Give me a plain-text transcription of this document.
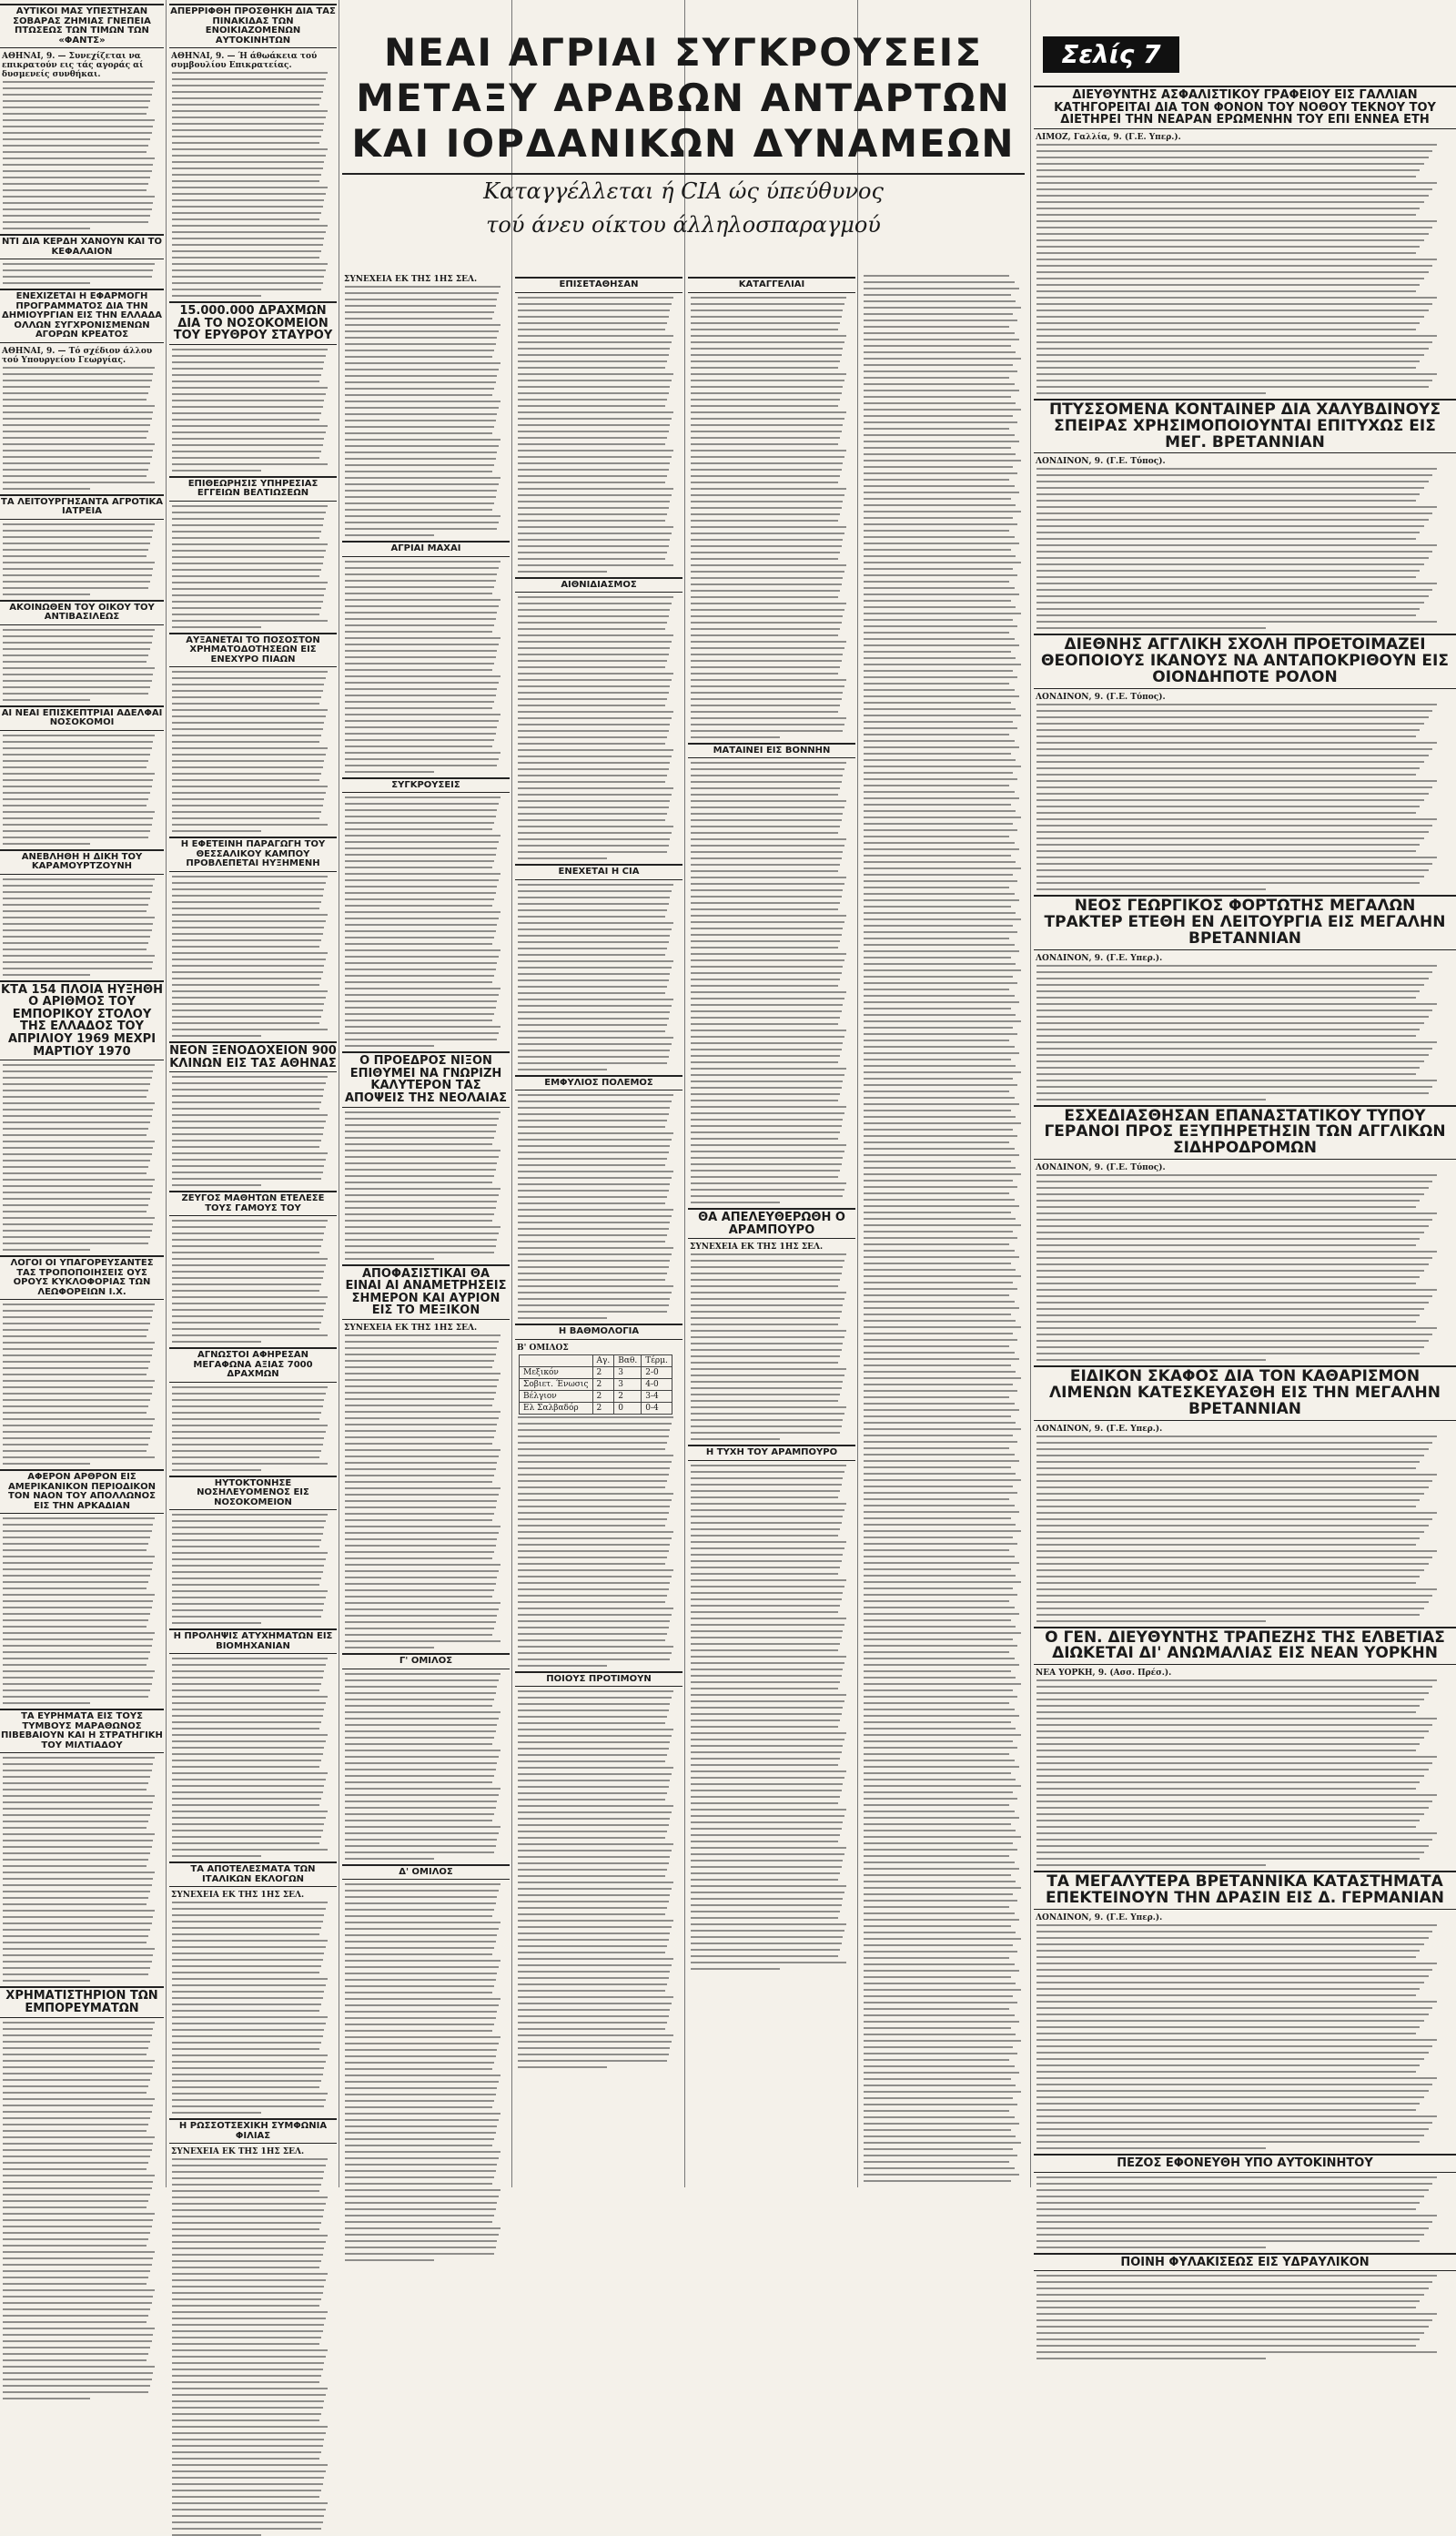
ΑΥΤΙΚΟΙ ΜΑΣ ΥΠΕΣΤΗΣΑΝ ΣΟΒΑΡΑΣ ΖΗΜΙΑΣ ΓΝΕΠΕΙΑ ΠΤΩΣΕΩΣ ΤΩΝ ΤΙΜΩΝ ΤΩΝ «ΦΑΝΤΣ»
ΑΘΗΝΑΙ, 9. — Συνεχίζεται να επικρατούν εις τάς αγοράς αί δυσμενείς συνθήκαι.
ΝΤΙ ΔΙΑ ΚΕΡΔΗ ΧΑΝΟΥΝ ΚΑΙ ΤΟ ΚΕΦΑΛΑΙΟΝ
ΕΝΕΧΙΖΕΤΑΙ Η ΕΦΑΡΜΟΓΗ ΠΡΟΓΡΑΜΜΑΤΟΣ ΔΙΑ ΤΗΝ ΔΗΜΙΟΥΡΓΙΑΝ ΕΙΣ ΤΗΝ ΕΛΛΑΔΑ ΟΛΛΩΝ ΣΥΓΧΡΟΝΙΣΜΕΝΩΝ ΑΓΟΡΩΝ ΚΡΕΑΤΟΣ
ΑΘΗΝΑΙ, 9. — Τό σχέδιον άλλου τού Υπουργείου Γεωργίας.
ΤΑ ΛΕΙΤΟΥΡΓΗΣΑΝΤΑ ΑΓΡΟΤΙΚΑ ΙΑΤΡΕΙΑ
ΑΚΟΙΝΩΘΕΝ ΤΟΥ ΟΙΚΟΥ ΤΟΥ ΑΝΤΙΒΑΣΙΛΕΩΣ
ΑΙ ΝΕΑΙ ΕΠΙΣΚΕΠΤΡΙΑΙ ΑΔΕΛΦΑΙ ΝΟΣΟΚΟΜΟΙ
ΑΝΕΒΛΗΘΗ Η ΔΙΚΗ ΤΟΥ ΚΑΡΑΜΟΥΡΤΖΟΥΝΗ
ΚΤΑ 154 ΠΛΟΙΑ ΗΥΞΗΘΗ Ο ΑΡΙΘΜΟΣ ΤΟΥ ΕΜΠΟΡΙΚΟΥ ΣΤΟΛΟΥ ΤΗΣ ΕΛΛΑΔΟΣ ΤΟΥ ΑΠΡΙΛΙΟΥ 1969 ΜΕΧΡΙ ΜΑΡΤΙΟΥ 1970
ΛΟΓΟΙ ΟΙ ΥΠΑΓΟΡΕΥΣΑΝΤΕΣ ΤΑΣ ΤΡΟΠΟΠΟΙΗΣΕΙΣ ΟΥΣ ΟΡΟΥΣ ΚΥΚΛΟΦΟΡΙΑΣ ΤΩΝ ΛΕΩΦΟΡΕΙΩΝ Ι.Χ.
ΑΦΕΡΟΝ ΑΡΘΡΟΝ ΕΙΣ ΑΜΕΡΙΚΑΝΙΚΟΝ ΠΕΡΙΟΔΙΚΟΝ ΤΟΝ ΝΑΟΝ ΤΟΥ ΑΠΟΛΛΩΝΟΣ ΕΙΣ ΤΗΝ ΑΡΚΑΔΙΑΝ
ΤΑ ΕΥΡΗΜΑΤΑ ΕΙΣ ΤΟΥΣ ΤΥΜΒΟΥΣ ΜΑΡΑΘΩΝΟΣ ΠΙΒΕΒΑΙΟΥΝ ΚΑΙ Η ΣΤΡΑΤΗΓΙΚΗ ΤΟΥ ΜΙΛΤΙΑΔΟΥ
ΧΡΗΜΑΤΙΣΤΗΡΙΟΝ ΤΩΝ ΕΜΠΟΡΕΥΜΑΤΩΝ
ΑΠΕΡΡΙΦΘΗ ΠΡΟΣΘΗΚΗ ΔΙΑ ΤΑΣ ΠΙΝΑΚΙΔΑΣ ΤΩΝ ΕΝΟΙΚΙΑΖΟΜΕΝΩΝ ΑΥΤΟΚΙΝΗΤΩΝ
ΑΘΗΝΑΙ, 9. — Ή άθωάκεια τού συμβουλίου Επικρατείας.
15.000.000 ΔΡΑΧΜΩΝ ΔΙΑ ΤΟ ΝΟΣΟΚΟΜΕΙΟΝ ΤΟΥ ΕΡΥΘΡΟΥ ΣΤΑΥΡΟΥ
ΕΠΙΘΕΩΡΗΣΙΣ ΥΠΗΡΕΣΙΑΣ ΕΓΓΕΙΩΝ ΒΕΛΤΙΩΣΕΩΝ
ΑΥΞΑΝΕΤΑΙ ΤΟ ΠΟΣΟΣΤΟΝ ΧΡΗΜΑΤΟΔΟΤΗΣΕΩΝ ΕΙΣ ΕΝΕΧΥΡΟ ΠΙΑΩΝ
Η ΕΦΕΤΕΙΝΗ ΠΑΡΑΓΩΓΗ ΤΟΥ ΘΕΣΣΑΛΙΚΟΥ ΚΑΜΠΟΥ ΠΡΟΒΛΕΠΕΤΑΙ ΗΥΞΗΜΕΝΗ
ΝΕΟΝ ΞΕΝΟΔΟΧΕΙΟΝ 900 ΚΛΙΝΩΝ ΕΙΣ ΤΑΣ ΑΘΗΝΑΣ
ΖΕΥΓΟΣ ΜΑΘΗΤΩΝ ΕΤΕΛΕΣΕ ΤΟΥΣ ΓΑΜΟΥΣ ΤΟΥ
ΑΓΝΩΣΤΟΙ ΑΦΗΡΕΣΑΝ ΜΕΓΑΦΩΝΑ ΑΞΙΑΣ 7000 ΔΡΑΧΜΩΝ
ΗΥΤΟΚΤΟΝΗΣΕ ΝΟΣΗΛΕΥΟΜΕΝΟΣ ΕΙΣ ΝΟΣΟΚΟΜΕΙΟΝ
Η ΠΡΟΛΗΨΙΣ ΑΤΥΧΗΜΑΤΩΝ ΕΙΣ ΒΙΟΜΗΧΑΝΙΑΝ
ΤΑ ΑΠΟΤΕΛΕΣΜΑΤΑ ΤΩΝ ΙΤΑΛΙΚΩΝ ΕΚΛΟΓΩΝ
ΣΥΝΕΧΕΙΑ ΕΚ ΤΗΣ 1ΗΣ ΣΕΛ.
Η ΡΩΣΣΟΤΣΕΧΙΚΗ ΣΥΜΦΩΝΙΑ ΦΙΛΙΑΣ
ΣΥΝΕΧΕΙΑ ΕΚ ΤΗΣ 1ΗΣ ΣΕΛ.
ΝΕΑΙ ΑΓΡΙΑΙ ΣΥΓΚΡΟΥΣΕΙΣ
ΜΕΤΑΞΥ ΑΡΑΒΩΝ ΑΝΤΑΡΤΩΝ
ΚΑΙ ΙΟΡΔΑΝΙΚΩΝ ΔΥΝΑΜΕΩΝ
Καταγγέλλεται ή CIA ώς ύπεύθυνος
τού άνευ οίκτου άλληλοσπαραγμού
ΣΥΝΕΧΕΙΑ ΕΚ ΤΗΣ 1ΗΣ ΣΕΛ.
ΑΓΡΙΑΙ ΜΑΧΑΙ
ΣΥΓΚΡΟΥΣΕΙΣ
Ο ΠΡΟΕΔΡΟΣ ΝΙΞΟΝ ΕΠΙΘΥΜΕΙ ΝΑ ΓΝΩΡΙΖΗ ΚΑΛΥΤΕΡΟΝ ΤΑΣ ΑΠΟΨΕΙΣ ΤΗΣ ΝΕΟΛΑΙΑΣ
ΑΠΟΦΑΣΙΣΤΙΚΑΙ ΘΑ ΕΙΝΑΙ ΑΙ ΑΝΑΜΕΤΡΗΣΕΙΣ ΣΗΜΕΡΟΝ ΚΑΙ ΑΥΡΙΟΝ ΕΙΣ ΤΟ ΜΕΞΙΚΟΝ
ΣΥΝΕΧΕΙΑ ΕΚ ΤΗΣ 1ΗΣ ΣΕΛ.
Γ' ΟΜΙΛΟΣ
Δ' ΟΜΙΛΟΣ
ΕΠΙΣΕΤΑΘΗΣΑΝ
ΑΙΘΝΙΔΙΑΣΜΟΣ
ΕΝΕΧΕΤΑΙ Η CIA
ΕΜΦΥΛΙΟΣ ΠΟΛΕΜΟΣ
Η ΒΑΘΜΟΛΟΓΙΑ
Β' ΟΜΙΛΟΣ
	Αγ.	Βαθ.	Τέρμ.
Μεξικόν	2	3	2-0
Σοβιετ. Ένωσις	2	3	4-0
Βέλγιον	2	2	3-4
Ελ Σαλβαδόρ	2	0	0-4
ΠΟΙΟΥΣ ΠΡΟΤΙΜΟΥΝ
ΚΑΤΑΓΓΕΛΙΑΙ
ΜΑΤΑΙΝΕΙ ΕΙΣ ΒΟΝΝΗΝ
ΘΑ ΑΠΕΛΕΥΘΕΡΩΘΗ Ο ΑΡΑΜΠΟΥΡΟ
ΣΥΝΕΧΕΙΑ ΕΚ ΤΗΣ 1ΗΣ ΣΕΛ.
Η ΤΥΧΗ ΤΟΥ ΑΡΑΜΠΟΥΡΟ
Σελίς 7
ΔΙΕΥΘΥΝΤΗΣ ΑΣΦΑΛΙΣΤΙΚΟΥ ΓΡΑΦΕΙΟΥ ΕΙΣ ΓΑΛΛΙΑΝ ΚΑΤΗΓΟΡΕΙΤΑΙ ΔΙΑ ΤΟΝ ΦΟΝΟΝ ΤΟΥ ΝΟΘΟΥ ΤΕΚΝΟΥ ΤΟΥ ΔΙΕΤΗΡΕΙ ΤΗΝ ΝΕΑΡΑΝ ΕΡΩΜΕΝΗΝ ΤΟΥ ΕΠΙ ΕΝΝΕΑ ΕΤΗ
ΛΙΜΟΖ, Γαλλία, 9. (Γ.Ε. Υπερ.).
ΠΤΥΣΣΟΜΕΝΑ ΚΟΝΤΑΙΝΕΡ ΔΙΑ ΧΑΛΥΒΔΙΝΟΥΣ ΣΠΕΙΡΑΣ ΧΡΗΣΙΜΟΠΟΙΟΥΝΤΑΙ ΕΠΙΤΥΧΩΣ ΕΙΣ ΜΕΓ. ΒΡΕΤΑΝΝΙΑΝ
ΛΟΝΔΙΝΟΝ, 9. (Γ.Ε. Τύπος).
ΔΙΕΘΝΗΣ ΑΓΓΛΙΚΗ ΣΧΟΛΗ ΠΡΟΕΤΟΙΜΑΖΕΙ ΘΕΟΠΟΙΟΥΣ ΙΚΑΝΟΥΣ ΝΑ ΑΝΤΑΠΟΚΡΙΘΟΥΝ ΕΙΣ ΟΙΟΝΔΗΠΟΤΕ ΡΟΛΟΝ
ΛΟΝΔΙΝΟΝ, 9. (Γ.Ε. Τύπος).
ΝΕΟΣ ΓΕΩΡΓΙΚΟΣ ΦΟΡΤΩΤΗΣ ΜΕΓΑΛΩΝ ΤΡΑΚΤΕΡ ΕΤΕΘΗ ΕΝ ΛΕΙΤΟΥΡΓΙΑ ΕΙΣ ΜΕΓΑΛΗΝ ΒΡΕΤΑΝΝΙΑΝ
ΛΟΝΔΙΝΟΝ, 9. (Γ.Ε. Υπερ.).
ΕΣΧΕΔΙΑΣΘΗΣΑΝ ΕΠΑΝΑΣΤΑΤΙΚΟΥ ΤΥΠΟΥ ΓΕΡΑΝΟΙ ΠΡΟΣ ΕΞΥΠΗΡΕΤΗΣΙΝ ΤΩΝ ΑΓΓΛΙΚΩΝ ΣΙΔΗΡΟΔΡΟΜΩΝ
ΛΟΝΔΙΝΟΝ, 9. (Γ.Ε. Τύπος).
ΕΙΔΙΚΟΝ ΣΚΑΦΟΣ ΔΙΑ ΤΟΝ ΚΑΘΑΡΙΣΜΟΝ ΛΙΜΕΝΩΝ ΚΑΤΕΣΚΕΥΑΣΘΗ ΕΙΣ ΤΗΝ ΜΕΓΑΛΗΝ ΒΡΕΤΑΝΝΙΑΝ
ΛΟΝΔΙΝΟΝ, 9. (Γ.Ε. Υπερ.).
Ο ΓΕΝ. ΔΙΕΥΘΥΝΤΗΣ ΤΡΑΠΕΖΗΣ ΤΗΣ ΕΛΒΕΤΙΑΣ ΔΙΩΚΕΤΑΙ ΔΙ' ΑΝΩΜΑΛΙΑΣ ΕΙΣ ΝΕΑΝ ΥΟΡΚΗΝ
ΝΕΑ ΥΟΡΚΗ, 9. (Ασσ. Πρέσ.).
ΤΑ ΜΕΓΑΛΥΤΕΡΑ ΒΡΕΤΑΝΝΙΚΑ ΚΑΤΑΣΤΗΜΑΤΑ ΕΠΕΚΤΕΙΝΟΥΝ ΤΗΝ ΔΡΑΣΙΝ ΕΙΣ Δ. ΓΕΡΜΑΝΙΑΝ
ΛΟΝΔΙΝΟΝ, 9. (Γ.Ε. Υπερ.).
ΠΕΖΟΣ ΕΦΟΝΕΥΘΗ ΥΠΟ ΑΥΤΟΚΙΝΗΤΟΥ
ΠΟΙΝΗ ΦΥΛΑΚΙΣΕΩΣ ΕΙΣ ΥΔΡΑΥΛΙΚΟΝ
